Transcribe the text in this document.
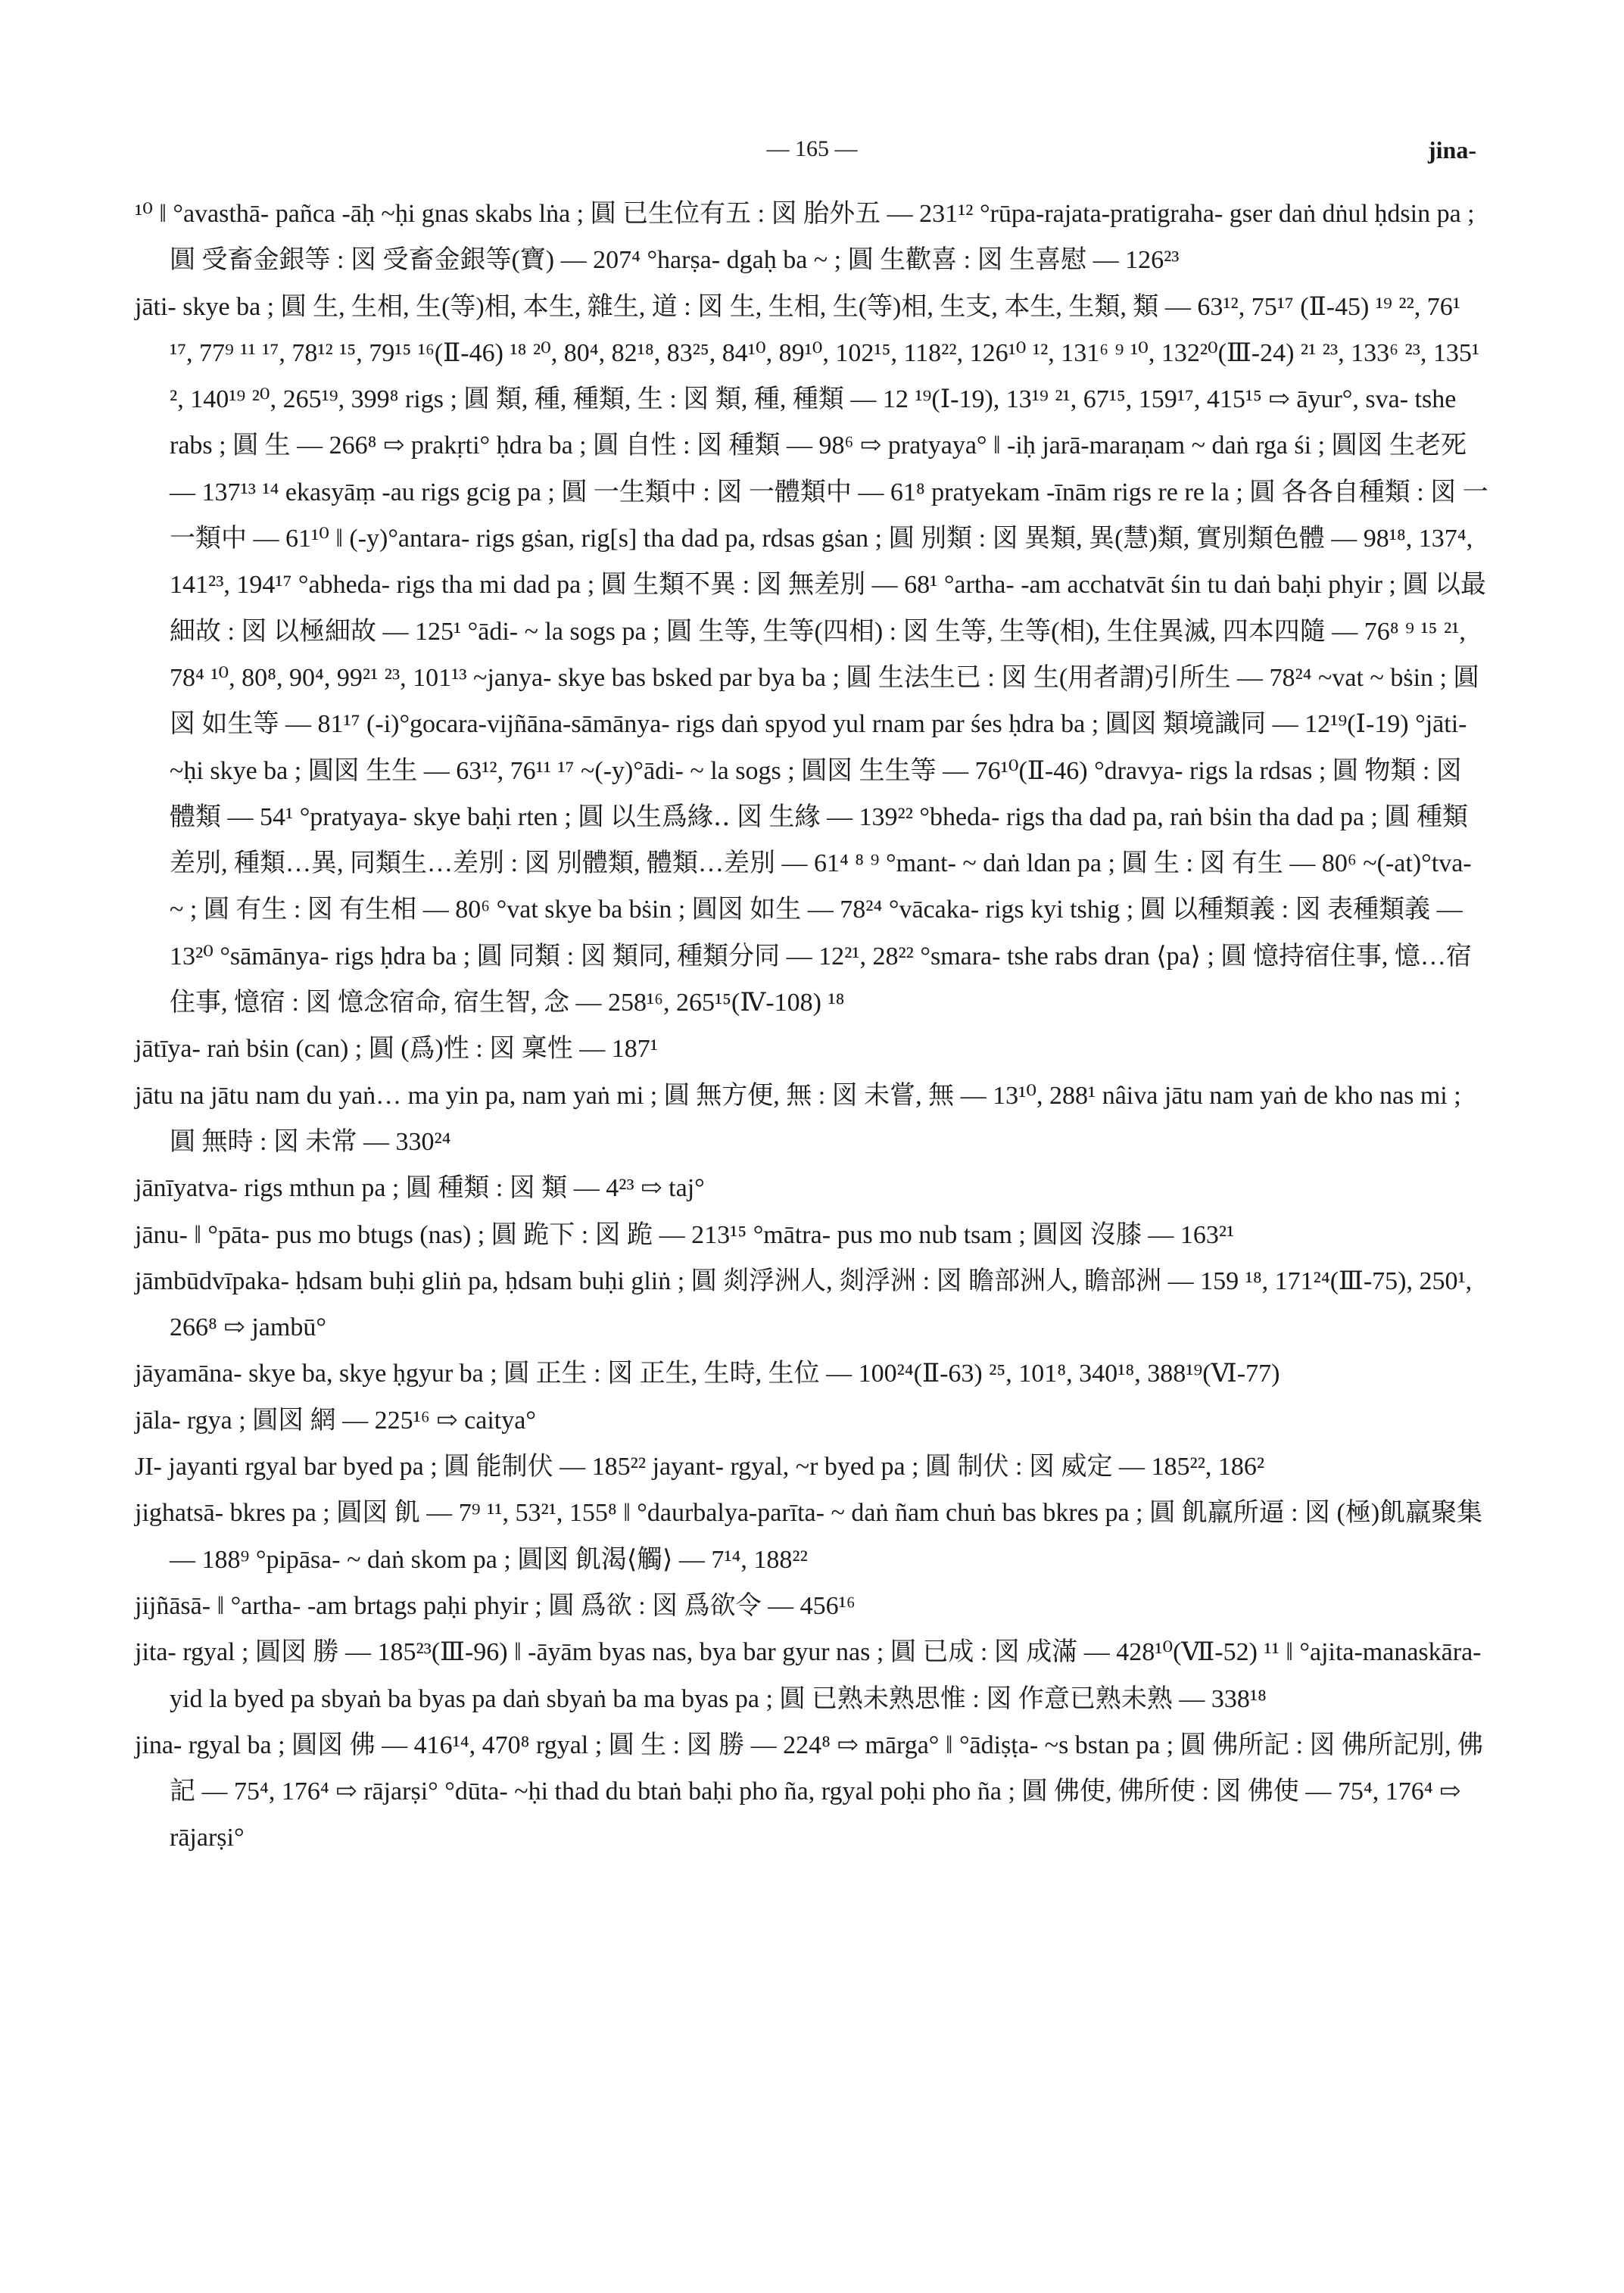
— 165 —	jina-

¹⁰ ‖ °avasthā- pañca -āḥ ~ḥi gnas skabs lṅa ; 圓 已生位有五 : 図 胎外五 — 231¹² °rūpa-rajata-pratigraha- gser daṅ dṅul ḥdsin pa ; 圓 受畜金銀等 : 図 受畜金銀等(寶) — 207⁴ °harṣa- dgaḥ ba ~ ; 圓 生歡喜 : 図 生喜慰 — 126²³

jāti- skye ba ; 圓 生, 生相, 生(等)相, 本生, 雜生, 道 : 図 生, 生相, 生(等)相, 生支, 本生, 生類, 類 — 63¹², 75¹⁷ (Ⅱ-45) ¹⁹ ²², 76¹ ¹⁷, 77⁹ ¹¹ ¹⁷, 78¹² ¹⁵, 79¹⁵ ¹⁶(Ⅱ-46) ¹⁸ ²⁰, 80⁴, 82¹⁸, 83²⁵, 84¹⁰, 89¹⁰, 102¹⁵, 118²², 126¹⁰ ¹², 131⁶ ⁹ ¹⁰, 132²⁰(Ⅲ-24) ²¹ ²³, 133⁶ ²³, 135¹ ², 140¹⁹ ²⁰, 265¹⁹, 399⁸ rigs ; 圓 類, 種, 種類, 生 : 図 類, 種, 種類 — 12 ¹⁹(Ⅰ-19), 13¹⁹ ²¹, 67¹⁵, 159¹⁷, 415¹⁵ ⇨ āyur°, sva- tshe rabs ; 圓 生 — 266⁸ ⇨ prakṛti° ḥdra ba ; 圓 自性 : 図 種類 — 98⁶ ⇨ pratyaya° ‖ -iḥ jarā-maraṇam ~ daṅ rga śi ; 圓図 生老死 — 137¹³ ¹⁴ ekasyāṃ -au rigs gcig pa ; 圓 一生類中 : 図 一體類中 — 61⁸ pratyekam -īnām rigs re re la ; 圓 各各自種類 : 図 一一類中 — 61¹⁰ ‖ (-y)°antara- rigs gṡan, rig[s] tha dad pa, rdsas gṡan ; 圓 別類 : 図 異類, 異(慧)類, 實別類色體 — 98¹⁸, 137⁴, 141²³, 194¹⁷ °abheda- rigs tha mi dad pa ; 圓 生類不異 : 図 無差別 — 68¹ °artha- -am acchatvāt śin tu daṅ baḥi phyir ; 圓 以最細故 : 図 以極細故 — 125¹ °ādi- ~ la sogs pa ; 圓 生等, 生等(四相) : 図 生等, 生等(相), 生住異滅, 四本四隨 — 76⁸ ⁹ ¹⁵ ²¹, 78⁴ ¹⁰, 80⁸, 90⁴, 99²¹ ²³, 101¹³ ~janya- skye bas bsked par bya ba ; 圓 生法生已 : 図 生(用者謂)引所生 — 78²⁴ ~vat ~ bṡin ; 圓図 如生等 — 81¹⁷ (-i)°gocara-vijñāna-sāmānya- rigs daṅ spyod yul rnam par śes ḥdra ba ; 圓図 類境識同 — 12¹⁹(Ⅰ-19) °jāti- ~ḥi skye ba ; 圓図 生生 — 63¹², 76¹¹ ¹⁷ ~(-y)°ādi- ~ la sogs ; 圓図 生生等 — 76¹⁰(Ⅱ-46) °dravya- rigs la rdsas ; 圓 物類 : 図 體類 — 54¹ °pratyaya- skye baḥi rten ; 圓 以生爲緣‥ 図 生緣 — 139²² °bheda- rigs tha dad pa, raṅ bṡin tha dad pa ; 圓 種類差別, 種類…異, 同類生…差別 : 図 別體類, 體類…差別 — 61⁴ ⁸ ⁹ °mant- ~ daṅ ldan pa ; 圓 生 : 図 有生 — 80⁶ ~(-at)°tva- ~ ; 圓 有生 : 図 有生相 — 80⁶ °vat skye ba bṡin ; 圓図 如生 — 78²⁴ °vācaka- rigs kyi tshig ; 圓 以種類義 : 図 表種類義 — 13²⁰ °sāmānya- rigs ḥdra ba ; 圓 同類 : 図 類同, 種類分同 — 12²¹, 28²² °smara- tshe rabs dran ⟨pa⟩ ; 圓 憶持宿住事, 憶…宿住事, 憶宿 : 図 憶念宿命, 宿生智, 念 — 258¹⁶, 265¹⁵(Ⅳ-108) ¹⁸

jātīya- raṅ bṡin (can) ; 圓 (爲)性 : 図 稟性 — 187¹

jātu na jātu nam du yaṅ… ma yin pa, nam yaṅ mi ; 圓 無方便, 無 : 図 未嘗, 無 — 13¹⁰, 288¹ nâiva jātu nam yaṅ de kho nas mi ; 圓 無時 : 図 未常 — 330²⁴

jānīyatva- rigs mthun pa ; 圓 種類 : 図 類 — 4²³ ⇨ taj°

jānu- ‖ °pāta- pus mo btugs (nas) ; 圓 跪下 : 図 跪 — 213¹⁵ °mātra- pus mo nub tsam ; 圓図 沒膝 — 163²¹

jāmbūdvīpaka- ḥdsam buḥi gliṅ pa, ḥdsam buḥi gliṅ ; 圓 剡浮洲人, 剡浮洲 : 図 瞻部洲人, 瞻部洲 — 159 ¹⁸, 171²⁴(Ⅲ-75), 250¹, 266⁸ ⇨ jambū°

jāyamāna- skye ba, skye ḥgyur ba ; 圓 正生 : 図 正生, 生時, 生位 — 100²⁴(Ⅱ-63) ²⁵, 101⁸, 340¹⁸, 388¹⁹(Ⅵ-77)

jāla- rgya ; 圓図 網 — 225¹⁶ ⇨ caitya°

JI- jayanti rgyal bar byed pa ; 圓 能制伏 — 185²² jayant- rgyal, ~r byed pa ; 圓 制伏 : 図 威定 — 185²², 186²

jighatsā- bkres pa ; 圓図 飢 — 7⁹ ¹¹, 53²¹, 155⁸ ‖ °daurbalya-parīta- ~ daṅ ñam chuṅ bas bkres pa ; 圓 飢羸所逼 : 図 (極)飢羸聚集 — 188⁹ °pipāsa- ~ daṅ skom pa ; 圓図 飢渴⟨觸⟩ — 7¹⁴, 188²²

jijñāsā- ‖ °artha- -am brtags paḥi phyir ; 圓 爲欲 : 図 爲欲令 — 456¹⁶

jita- rgyal ; 圓図 勝 — 185²³(Ⅲ-96) ‖ -āyām byas nas, bya bar gyur nas ; 圓 已成 : 図 成滿 — 428¹⁰(Ⅶ-52) ¹¹ ‖ °ajita-manaskāra- yid la byed pa sbyaṅ ba byas pa daṅ sbyaṅ ba ma byas pa ; 圓 已熟未熟思惟 : 図 作意已熟未熟 — 338¹⁸

jina- rgyal ba ; 圓図 佛 — 416¹⁴, 470⁸ rgyal ; 圓 生 : 図 勝 — 224⁸ ⇨ mārga° ‖ °ādiṣṭa- ~s bstan pa ; 圓 佛所記 : 図 佛所記別, 佛記 — 75⁴, 176⁴ ⇨ rājarṣi° °dūta- ~ḥi thad du btaṅ baḥi pho ña, rgyal poḥi pho ña ; 圓 佛使, 佛所使 : 図 佛使 — 75⁴, 176⁴ ⇨ rājarṣi°
